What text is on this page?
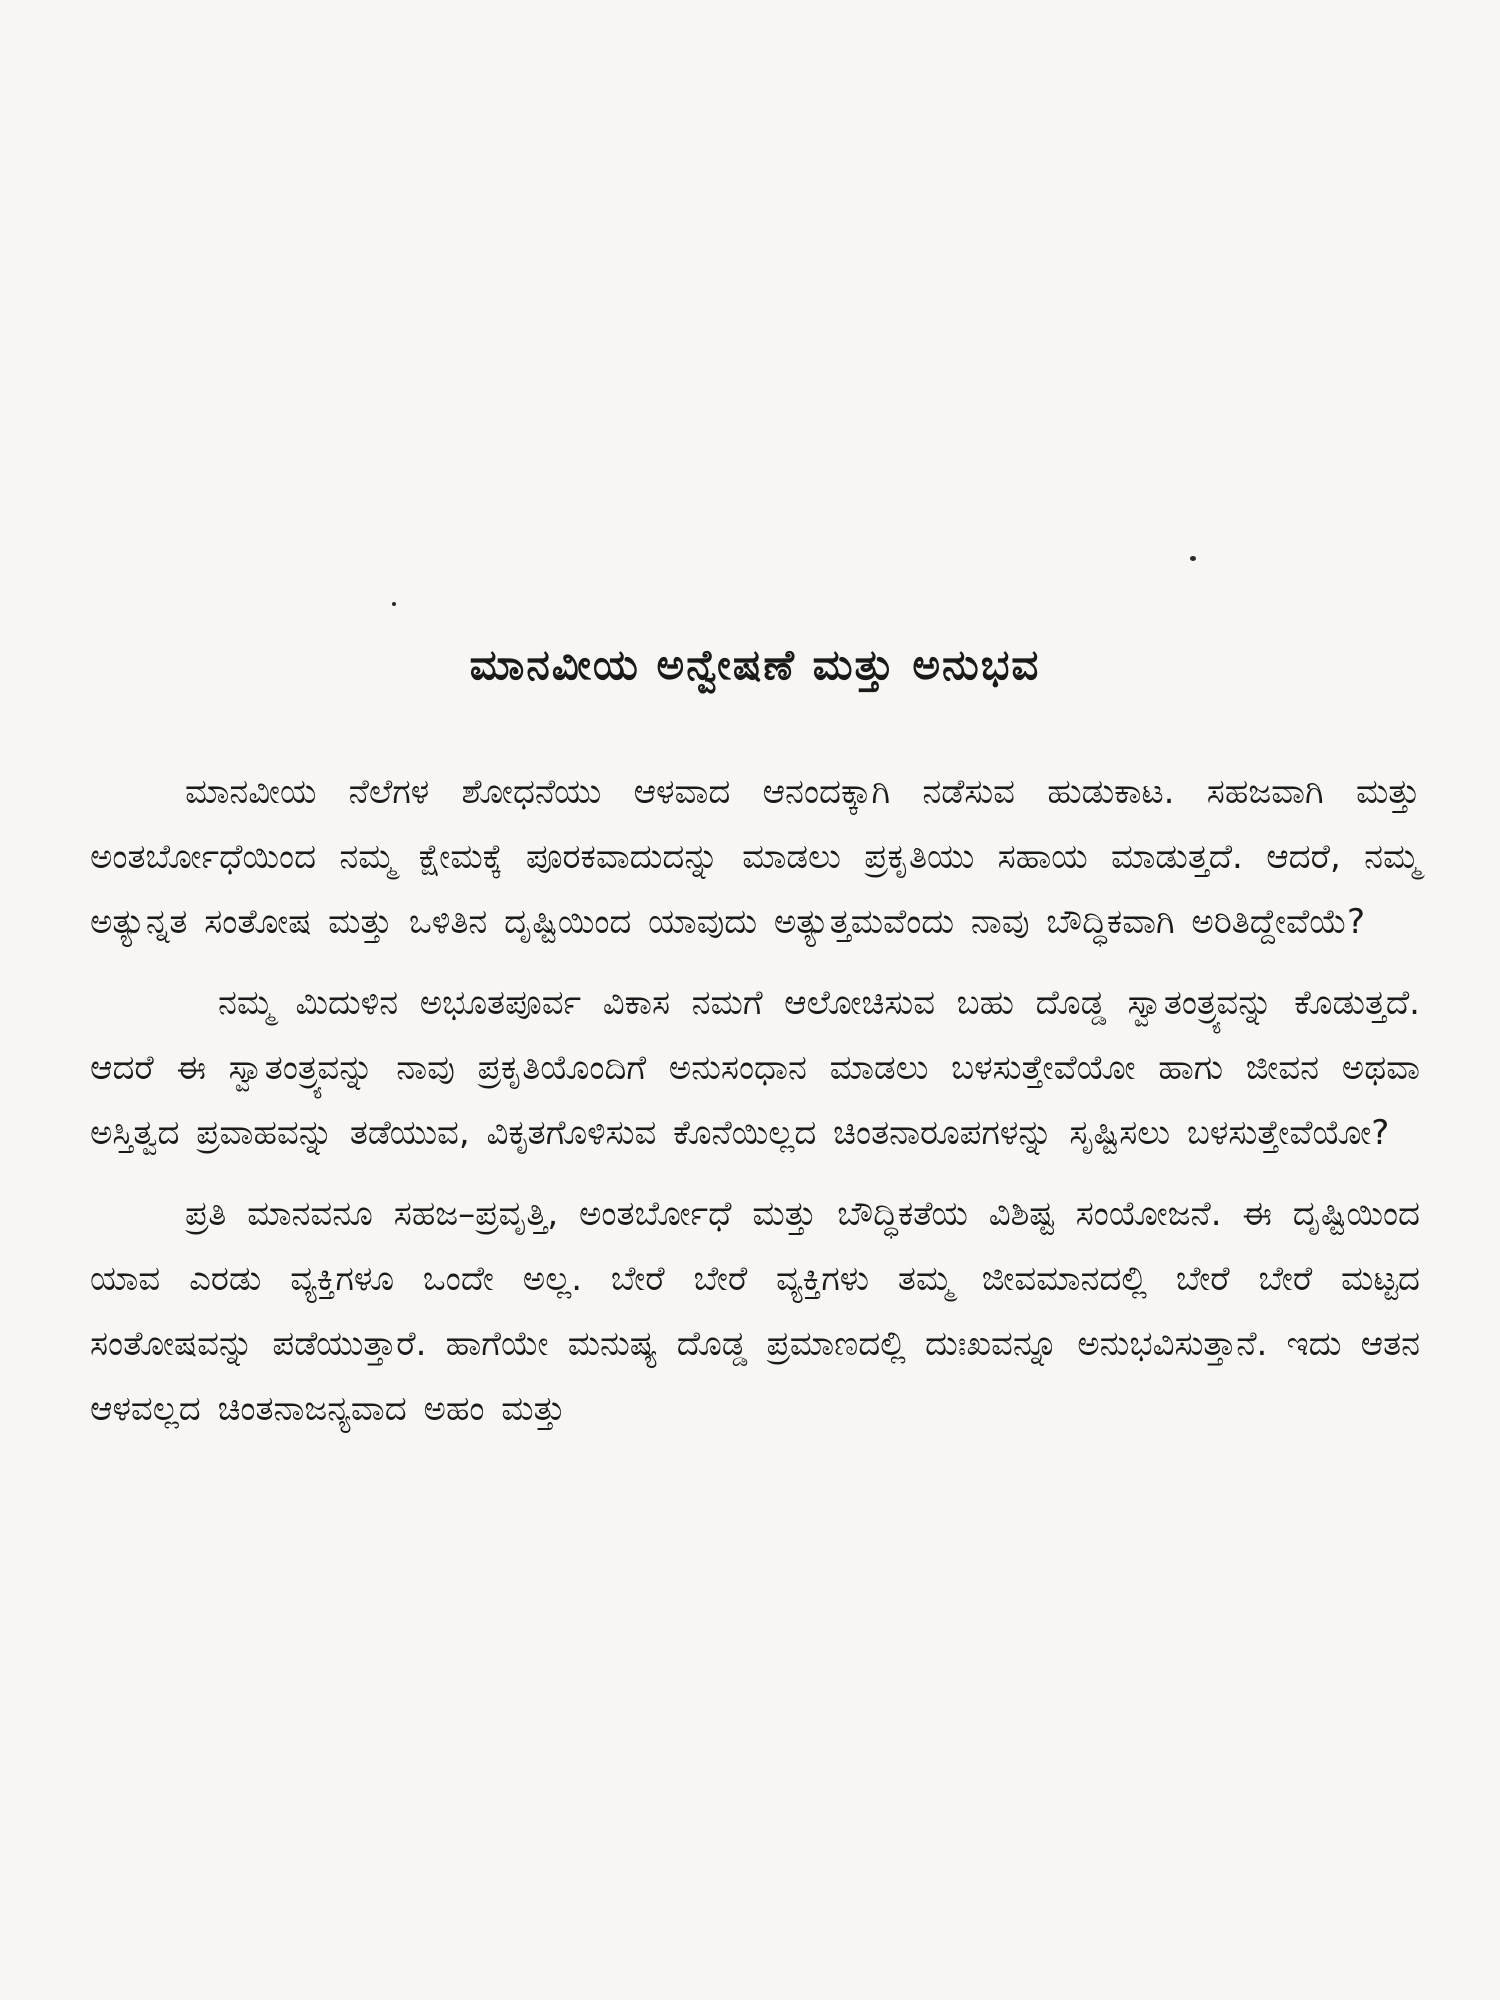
ಮಾನವೀಯ ಅನ್ವೇಷಣೆ ಮತ್ತು ಅನುಭವ

ಮಾನವೀಯ ನೆಲೆಗಳ ಶೋಧನೆಯು ಆಳವಾದ ಆನಂದಕ್ಕಾಗಿ ನಡೆಸುವ ಹುಡುಕಾಟ. ಸಹಜವಾಗಿ ಮತ್ತು ಅಂತರ್ಬೋಧೆಯಿಂದ ನಮ್ಮ ಕ್ಷೇಮಕ್ಕೆ ಪೂರಕವಾದುದನ್ನು ಮಾಡಲು ಪ್ರಕೃತಿಯು ಸಹಾಯ ಮಾಡುತ್ತದೆ. ಆದರೆ, ನಮ್ಮ ಅತ್ಯುನ್ನತ ಸಂತೋಷ ಮತ್ತು ಒಳಿತಿನ ದೃಷ್ಟಿಯಿಂದ ಯಾವುದು ಅತ್ಯುತ್ತಮವೆಂದು ನಾವು ಬೌದ್ಧಿಕವಾಗಿ ಅರಿತಿದ್ದೇವೆಯೆ?

ನಮ್ಮ ಮಿದುಳಿನ ಅಭೂತಪೂರ್ವ ವಿಕಾಸ ನಮಗೆ ಆಲೋಚಿಸುವ ಬಹು ದೊಡ್ಡ ಸ್ವಾತಂತ್ರ್ಯವನ್ನು ಕೊಡುತ್ತದೆ. ಆದರೆ ಈ ಸ್ವಾತಂತ್ರ್ಯವನ್ನು ನಾವು ಪ್ರಕೃತಿಯೊಂದಿಗೆ ಅನುಸಂಧಾನ ಮಾಡಲು ಬಳಸುತ್ತೇವೆಯೋ ಹಾಗು ಜೀವನ ಅಥವಾ ಅಸ್ತಿತ್ವದ ಪ್ರವಾಹವನ್ನು ತಡೆಯುವ, ವಿಕೃತಗೊಳಿಸುವ ಕೊನೆಯಿಲ್ಲದ ಚಿಂತನಾರೂಪಗಳನ್ನು ಸೃಷ್ಟಿಸಲು ಬಳಸುತ್ತೇವೆಯೋ?

ಪ್ರತಿ ಮಾನವನೂ ಸಹಜ–ಪ್ರವೃತ್ತಿ, ಅಂತರ್ಬೋಧೆ ಮತ್ತು ಬೌದ್ಧಿಕತೆಯ ವಿಶಿಷ್ಟ ಸಂಯೋಜನೆ. ಈ ದೃಷ್ಟಿಯಿಂದ ಯಾವ ಎರಡು ವ್ಯಕ್ತಿಗಳೂ ಒಂದೇ ಅಲ್ಲ. ಬೇರೆ ಬೇರೆ ವ್ಯಕ್ತಿಗಳು ತಮ್ಮ ಜೀವಮಾನದಲ್ಲಿ ಬೇರೆ ಬೇರೆ ಮಟ್ಟದ ಸಂತೋಷವನ್ನು ಪಡೆಯುತ್ತಾರೆ. ಹಾಗೆಯೇ ಮನುಷ್ಯ ದೊಡ್ಡ ಪ್ರಮಾಣದಲ್ಲಿ ದುಃಖವನ್ನೂ ಅನುಭವಿಸುತ್ತಾನೆ. ಇದು ಆತನ ಆಳವಲ್ಲದ ಚಿಂತನಾಜನ್ಯವಾದ ಅಹಂ ಮತ್ತು
